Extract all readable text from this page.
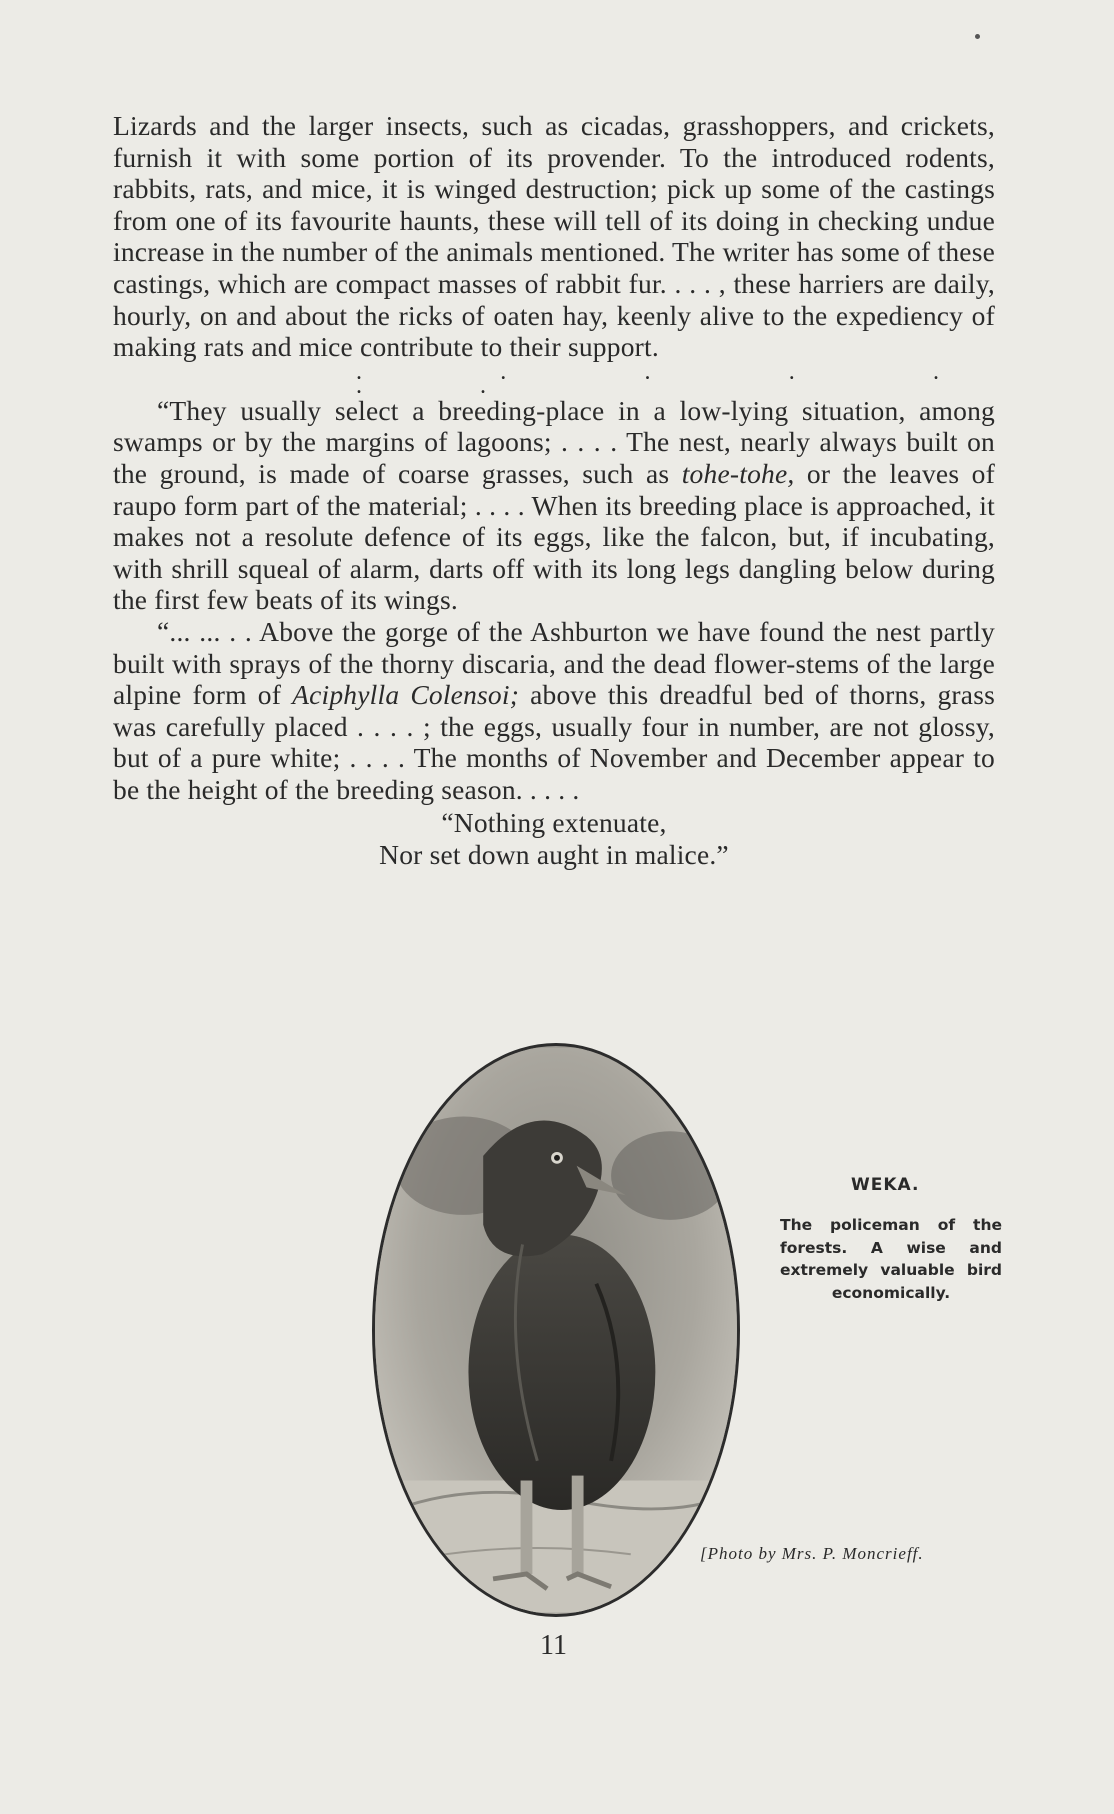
Lizards and the larger insects, such as cicadas, grasshoppers, and crickets, furnish it with some portion of its provender. To the introduced rodents, rabbits, rats, and mice, it is winged destruction; pick up some of the castings from one of its favourite haunts, these will tell of its doing in checking undue increase in the number of the animals mentioned. The writer has some of these castings, which are compact masses of rabbit fur. . . . , these harriers are daily, hourly, on and about the ricks of oaten hay, keenly alive to the expediency of making rats and mice contribute to their support.

. . . . . . .

“They usually select a breeding-place in a low-lying situation, among swamps or by the margins of lagoons; . . . . The nest, nearly always built on the ground, is made of coarse grasses, such as tohe-tohe, or the leaves of raupo form part of the material; . . . . When its breeding place is approached, it makes not a resolute defence of its eggs, like the falcon, but, if incubating, with shrill squeal of alarm, darts off with its long legs dangling below during the first few beats of its wings.

“... ... . . Above the gorge of the Ashburton we have found the nest partly built with sprays of the thorny discaria, and the dead flower-stems of the large alpine form of Aciphylla Colensoi; above this dreadful bed of thorns, grass was carefully placed . . . . ; the eggs, usually four in number, are not glossy, but of a pure white; . . . . The months of November and December appear to be the height of the breeding season. . . . .

“Nothing extenuate,
Nor set down aught in malice.”
WEKA.
The policeman of the forests. A wise and extremely valuable bird economically.
[Photo by Mrs. P. Moncrieff.
11
